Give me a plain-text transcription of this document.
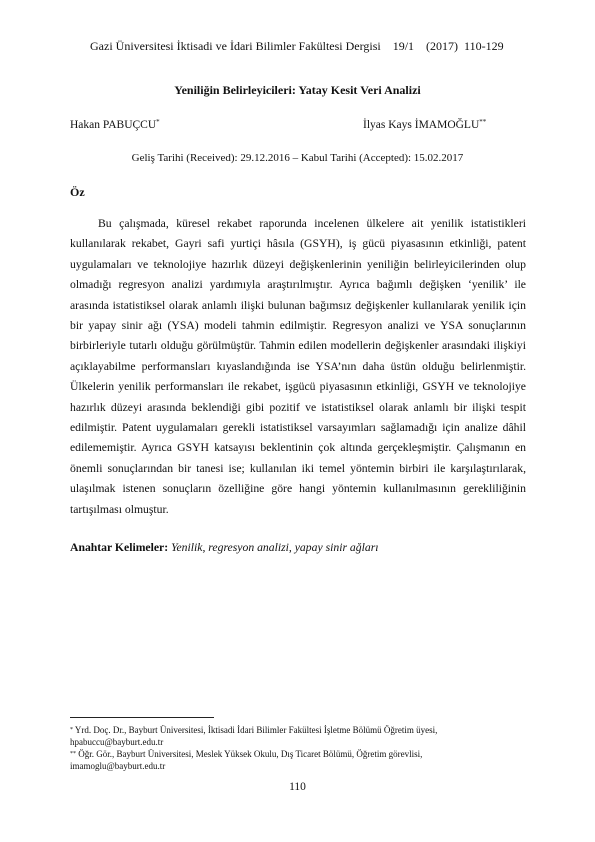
Gazi Üniversitesi İktisadi ve İdari Bilimler Fakültesi Dergisi    19/1    (2017)  110-129
Yeniliğin Belirleyicileri: Yatay Kesit Veri Analizi
Hakan PABUÇCU*	İlyas Kays İMAMOĞLU**
Geliş Tarihi (Received): 29.12.2016 – Kabul Tarihi (Accepted): 15.02.2017
Öz

Bu çalışmada, küresel rekabet raporunda incelenen ülkelere ait yenilik istatistikleri kullanılarak rekabet, Gayri safi yurtiçi hâsıla (GSYH), iş gücü piyasasının etkinliği, patent uygulamaları ve teknolojiye hazırlık düzeyi değişkenlerinin yeniliğin belirleyicilerinden olup olmadığı regresyon analizi yardımıyla araştırılmıştır. Ayrıca bağımlı değişken ‘yenilik’ ile arasında istatistiksel olarak anlamlı ilişki bulunan bağımsız değişkenler kullanılarak yenilik için bir yapay sinir ağı (YSA) modeli tahmin edilmiştir. Regresyon analizi ve YSA sonuçlarının birbirleriyle tutarlı olduğu görülmüştür. Tahmin edilen modellerin değişkenler arasındaki ilişkiyi açıklayabilme performansları kıyaslandığında ise YSA’nın daha üstün olduğu belirlenmiştir. Ülkelerin yenilik performansları ile rekabet, işgücü piyasasının etkinliği, GSYH ve teknolojiye hazırlık düzeyi arasında beklendiği gibi pozitif ve istatistiksel olarak anlamlı bir ilişki tespit edilmiştir. Patent uygulamaları gerekli istatistiksel varsayımları sağlamadığı için analize dâhil edilememiştir. Ayrıca GSYH katsayısı beklentinin çok altında gerçekleşmiştir. Çalışmanın en önemli sonuçlarından bir tanesi ise; kullanılan iki temel yöntemin birbiri ile karşılaştırılarak, ulaşılmak istenen sonuçların özelliğine göre hangi yöntemin kullanılmasının gerekliliğinin tartışılması olmuştur.

Anahtar Kelimeler: Yenilik, regresyon analizi, yapay sinir ağları
* Yrd. Doç. Dr., Bayburt Üniversitesi, İktisadi İdari Bilimler Fakültesi İşletme Bölümü Öğretim üyesi,
hpabuccu@bayburt.edu.tr
** Öğr. Gör., Bayburt Üniversitesi, Meslek Yüksek Okulu, Dış Ticaret Bölümü, Öğretim görevlisi,
imamoglu@bayburt.edu.tr
110
